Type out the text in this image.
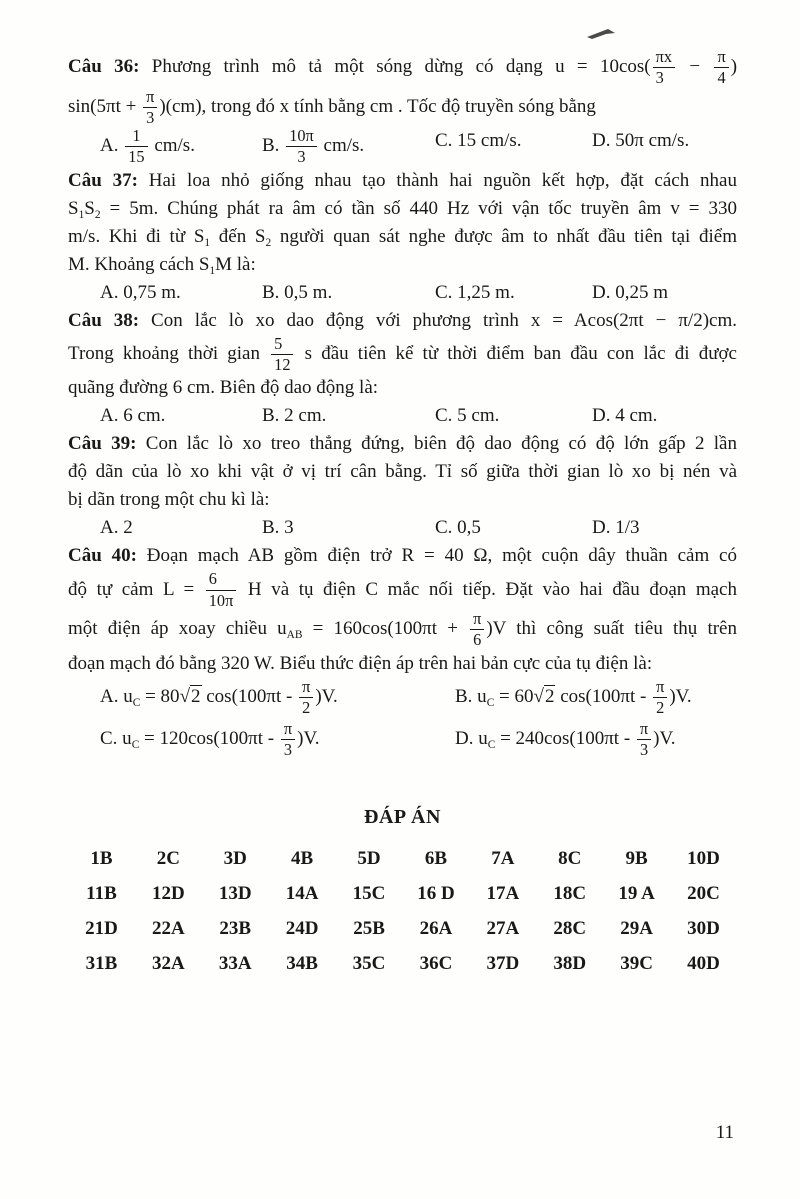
Câu 36: Phương trình mô tả một sóng dừng có dạng $u = 10\cos( \frac{\pi x}{3} - \frac{\pi}{4}$ )
$\sin(5\pi t + \frac{\pi}{3} )(cm)$, trong đó x tính bằng cm . Tốc độ truyền sóng bằng
A. $\frac{1}{15} cm/s$.	B. $\frac{10\pi}{3} cm/s$.	C. 15 cm/s.	D. 50π cm/s.
Câu 37: Hai loa nhỏ giống nhau tạo thành hai nguồn kết hợp, đặt cách nhau
$S_1S_2 = 5m$. Chúng phát ra âm có tần số 440 Hz với vận tốc truyền âm v = 330
m/s. Khi đi từ $S_1$ đến $S_2$ người quan sát nghe được âm to nhất đầu tiên tại điểm
M. Khoảng cách $S_1M$ là:
A. 0,75 m.	B. 0,5 m.	C. 1,25 m.	D. 0,25 m
Câu 38: Con lắc lò xo dao động với phương trình x = Acos(2πt − π/2)cm.
Trong khoảng thời gian $\frac{5}{12}$ s đầu tiên kể từ thời điểm ban đầu con lắc đi được
quãng đường 6 cm. Biên độ dao động là:
A. 6 cm.	B. 2 cm.	C. 5 cm.	D. 4 cm.
Câu 39: Con lắc lò xo treo thẳng đứng, biên độ dao động có độ lớn gấp 2 lần
độ dãn của lò xo khi vật ở vị trí cân bằng. Tỉ số giữa thời gian lò xo bị nén và
bị dãn trong một chu kì là:
A. 2	B. 3	C. 0,5	D. 1/3
Câu 40: Đoạn mạch AB gồm điện trở R = 40 Ω, một cuộn dây thuần cảm có
độ tự cảm $L = \frac{6}{10\pi}$ H và tụ điện C mắc nối tiếp. Đặt vào hai đầu đoạn mạch
một điện áp xoay chiều $u_{AB} = 160\cos(100\pi t + \frac{\pi}{6} )V$ thì công suất tiêu thụ trên
đoạn mạch đó bằng 320 W. Biểu thức điện áp trên hai bản cực của tụ điện là:
A. $u_C = 80√2$ $\cos(100\pi t - \frac{\pi}{2} )V$.	B. $u_C = 60√2$ $\cos(100\pi t - \frac{\pi}{2} )V$.
C. $u_C = 120\cos(100\pi t - \frac{\pi}{3} )V$.	D. $u_C = 240\cos(100\pi t - \frac{\pi}{3} )V$.
ĐÁP ÁN
1B	2C	3D	4B	5D	6B	7A	8C	9B	10D
11B	12D	13D	14A	15C	16 D	17A	18C	19 A	20C
21D	22A	23B	24D	25B	26A	27A	28C	29A	30D
31B	32A	33A	34B	35C	36C	37D	38D	39C	40D
11
